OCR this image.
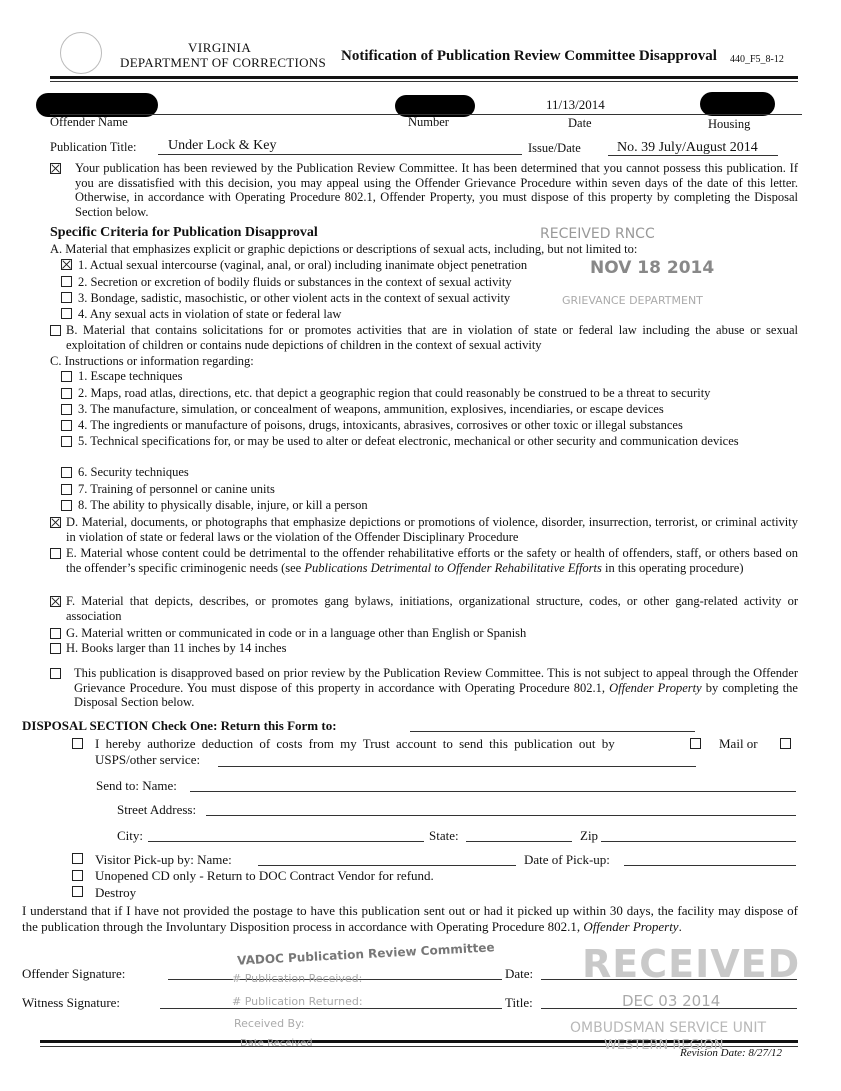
VIRGINIA
DEPARTMENT OF CORRECTIONS Notification of Publication Review Committee Disapproval 440_F5_8-12
11/13/2014
Offender Name	Number	Date	Housing
Publication Title: Under Lock & Key	Issue/Date	No. 39 July/August 2014
Your publication has been reviewed by the Publication Review Committee. It has been determined that you cannot possess this publication. If you are dissatisfied with this decision, you may appeal using the Offender Grievance Procedure within seven days of the date of this letter. Otherwise, in accordance with Operating Procedure 802.1, Offender Property, you must dispose of this property by completing the Disposal Section below.
Specific Criteria for Publication Disapproval
A. Material that emphasizes explicit or graphic depictions or descriptions of sexual acts, including, but not limited to:
1. Actual sexual intercourse (vaginal, anal, or oral) including inanimate object penetration
2. Secretion or excretion of bodily fluids or substances in the context of sexual activity
3. Bondage, sadistic, masochistic, or other violent acts in the context of sexual activity
4. Any sexual acts in violation of state or federal law
B. Material that contains solicitations for or promotes activities that are in violation of state or federal law including the abuse or sexual exploitation of children or contains nude depictions of children in the context of sexual activity
C. Instructions or information regarding:
1. Escape techniques
2. Maps, road atlas, directions, etc. that depict a geographic region that could reasonably be construed to be a threat to security
3. The manufacture, simulation, or concealment of weapons, ammunition, explosives, incendiaries, or escape devices
4. The ingredients or manufacture of poisons, drugs, intoxicants, abrasives, corrosives or other toxic or illegal substances
5. Technical specifications for, or may be used to alter or defeat electronic, mechanical or other security and communication devices
6. Security techniques
7. Training of personnel or canine units
8. The ability to physically disable, injure, or kill a person
D. Material, documents, or photographs that emphasize depictions or promotions of violence, disorder, insurrection, terrorist, or criminal activity in violation of state or federal laws or the violation of the Offender Disciplinary Procedure
E. Material whose content could be detrimental to the offender rehabilitative efforts or the safety or health of offenders, staff, or others based on the offender’s specific criminogenic needs (see Publications Detrimental to Offender Rehabilitative Efforts in this operating procedure)
F. Material that depicts, describes, or promotes gang bylaws, initiations, organizational structure, codes, or other gang-related activity or association
G. Material written or communicated in code or in a language other than English or Spanish
H. Books larger than 11 inches by 14 inches
This publication is disapproved based on prior review by the Publication Review Committee. This is not subject to appeal through the Offender Grievance Procedure. You must dispose of this property in accordance with Operating Procedure 802.1, Offender Property by completing the Disposal Section below.
DISPOSAL SECTION Check One: Return this Form to:
I hereby authorize deduction of costs from my Trust account to send this publication out by	Mail or
USPS/other service:
Send to: Name:
Street Address:
City:	State:	Zip
Visitor Pick-up by: Name:	Date of Pick-up:
Unopened CD only - Return to DOC Contract Vendor for refund.
Destroy
I understand that if I have not provided the postage to have this publication sent out or had it picked up within 30 days, the facility may dispose of the publication through the Involuntary Disposition process in accordance with Operating Procedure 802.1, Offender Property.
Offender Signature:	Date:
Witness Signature:	Title:
Revision Date: 8/27/12
RECEIVED RNCC
NOV 18 2014
GRIEVANCE DEPARTMENT
VADOC Publication Review Committee
# Publication Received:
# Publication Returned:
Received By:
Date Received
RECEIVED
DEC 03 2014
OMBUDSMAN SERVICE UNIT
WESTERN REGION
